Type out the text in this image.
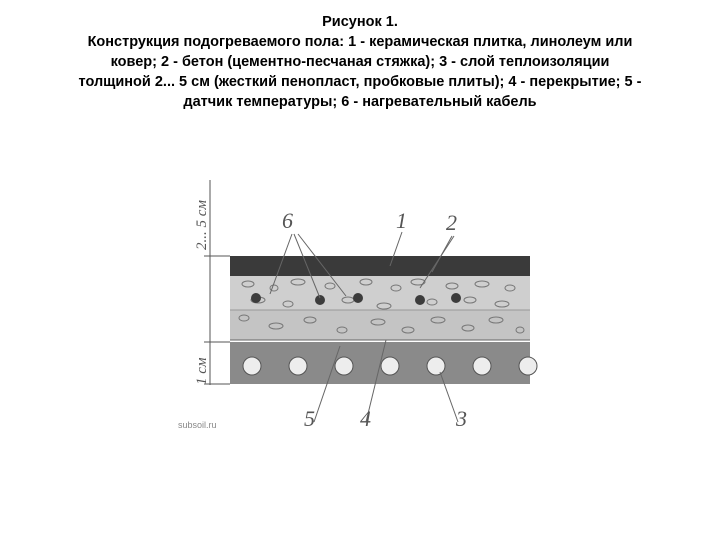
Рисунок 1.
Конструкция подогреваемого пола: 1 - керамическая плитка, линолеум или
ковер; 2 - бетон (цементно-песчаная стяжка); 3 - слой теплоизоляции
толщиной 2... 5 см (жесткий пенопласт, пробковые плиты); 4 - перекрытие; 5 -
датчик температуры; 6 - нагревательный кабель
2... 5 см
1 см
6	1 2
5 4	3
subsoil.ru
